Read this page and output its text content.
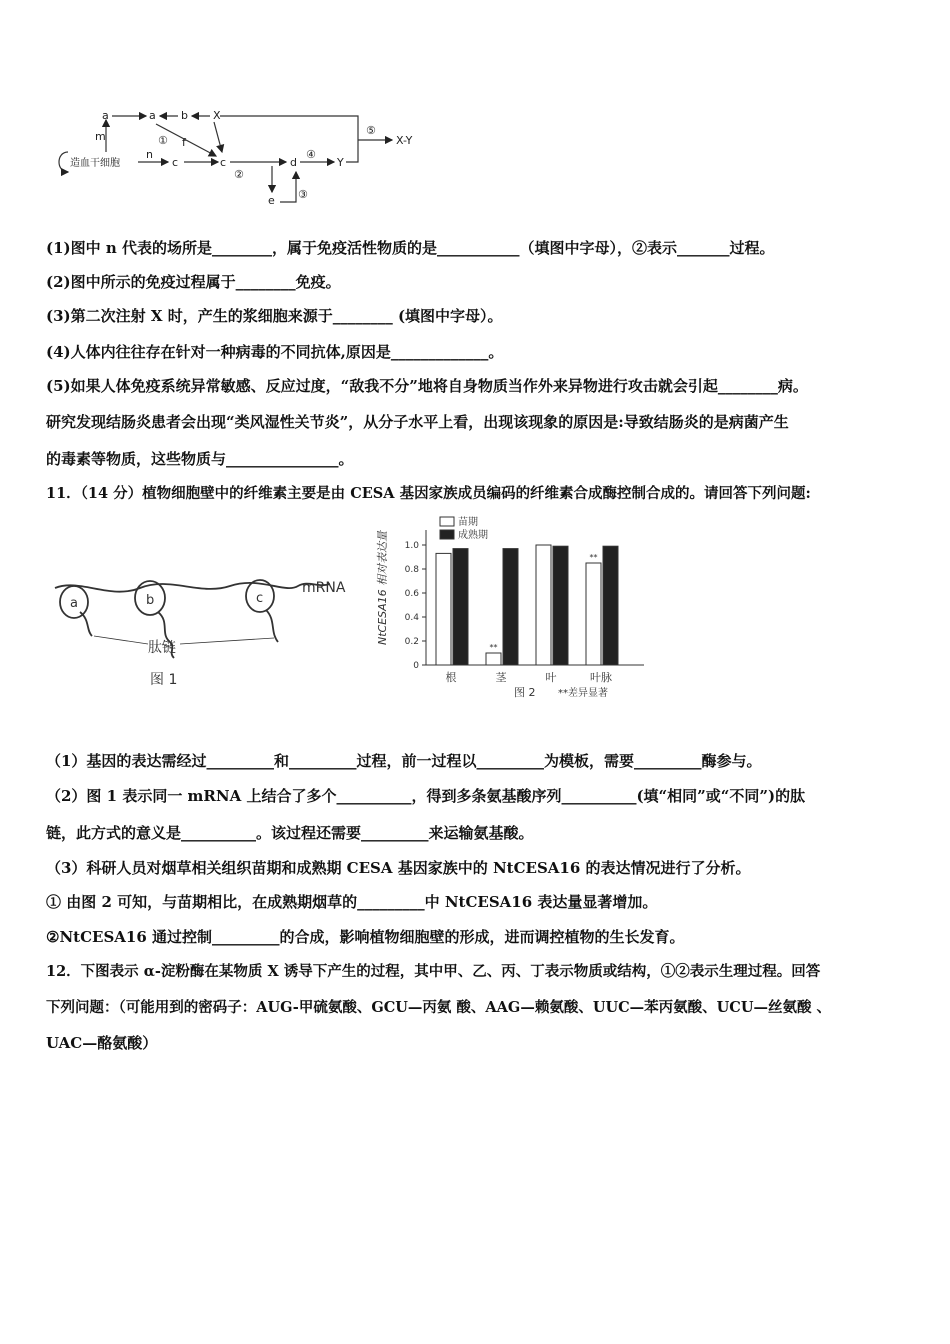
造血干细胞
a
m
a b X
① f
n
c	c
②
d
④
Y
e ③
⑤
X-Y
(1)图中 n 代表的场所是________，属于免疫活性物质的是___________（填图中字母），②表示_______过程。
(2)图中所示的免疫过程属于________免疫。
(3)第二次注射 X 时，产生的浆细胞来源于________ (填图中字母）。
(4)人体内往往存在针对一种病毒的不同抗体,原因是_____________。
(5)如果人体免疫系统异常敏感、反应过度，“敌我不分”地将自身物质当作外来异物进行攻击就会引起________病。
研究发现结肠炎患者会出现“类风湿性关节炎”，从分子水平上看，出现该现象的原因是:导致结肠炎的是病菌产生
的毒素等物质，这些物质与_______________。
11．（14 分）植物细胞壁中的纤维素主要是由 CESA 基因家族成员编码的纤维素合成酶控制合成的。请回答下列问题:
a	b	c
mRNA
肽链
图 1
NtCESA16 相对表达量
苗期
成熟期
0
0.2
0.4
0.6
0.8
1.0
**
**
根	茎	叶	叶脉
图 2 **差异显著
（1）基因的表达需经过_________和_________过程，前一过程以_________为模板，需要_________酶参与。
（2）图 1 表示同一 mRNA 上结合了多个__________，得到多条氨基酸序列__________(填“相同”或“不同”)的肽
链，此方式的意义是__________。该过程还需要_________来运输氨基酸。
（3）科研人员对烟草相关组织苗期和成熟期 CESA 基因家族中的 NtCESA16 的表达情况进行了分析。
① 由图 2 可知，与苗期相比，在成熟期烟草的_________中 NtCESA16 表达量显著增加。
②NtCESA16 通过控制_________的合成，影响植物细胞壁的形成，进而调控植物的生长发育。
12．下图表示 α-淀粉酶在某物质 X 诱导下产生的过程，其中甲、乙、丙、丁表示物质或结构，①②表示生理过程。回答
下列问题：（可能用到的密码子：AUG-甲硫氨酸、GCU—丙氨 酸、AAG—赖氨酸、UUC—苯丙氨酸、UCU—丝氨酸 、
UAC—酪氨酸）
